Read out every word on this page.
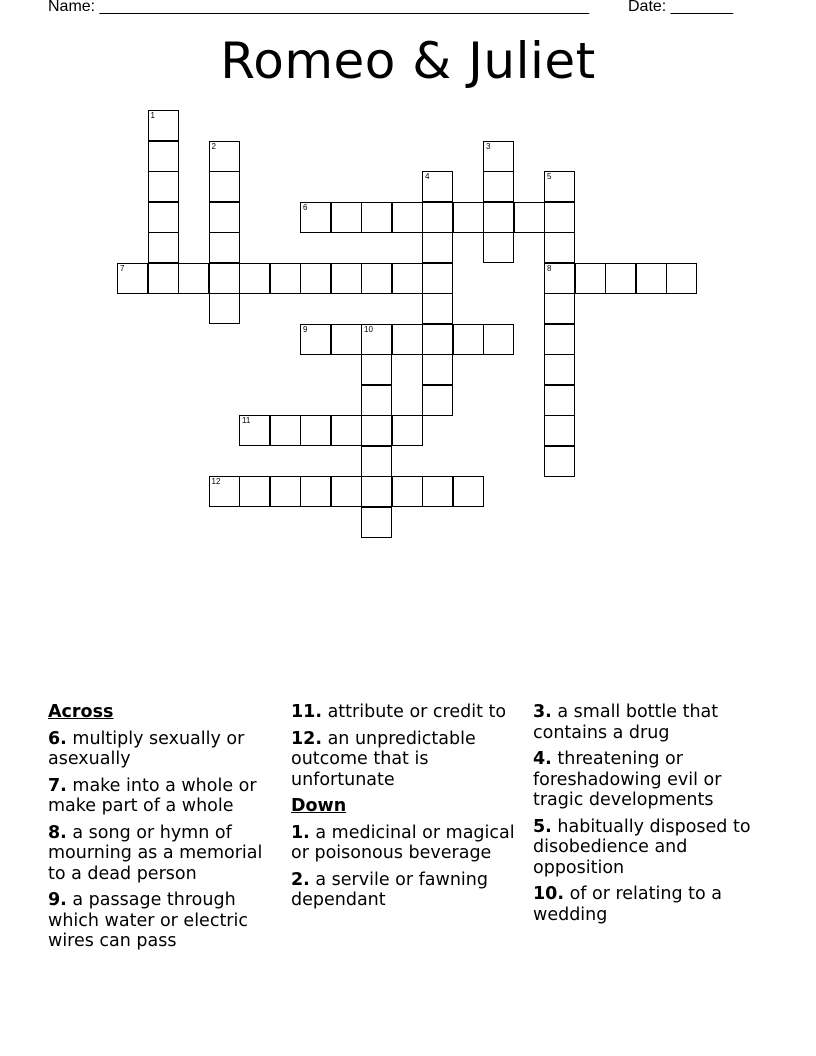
Name: _______________________________________________________ Date: _______
Romeo & Juliet
1
2	3
4	5
8
6
7
9	10
11
12
Across
6. multiply sexually or asexually
7. make into a whole or make part of a whole
8. a song or hymn of mourning as a memorial to a dead person
9. a passage through which water or electric wires can pass
11. attribute or credit to
12. an unpredictable outcome that is unfortunate
Down
1. a medicinal or magical or poisonous beverage
2. a servile or fawning dependant
3. a small bottle that contains a drug
4. threatening or foreshadowing evil or tragic developments
5. habitually disposed to disobedience and opposition
10. of or relating to a wedding
